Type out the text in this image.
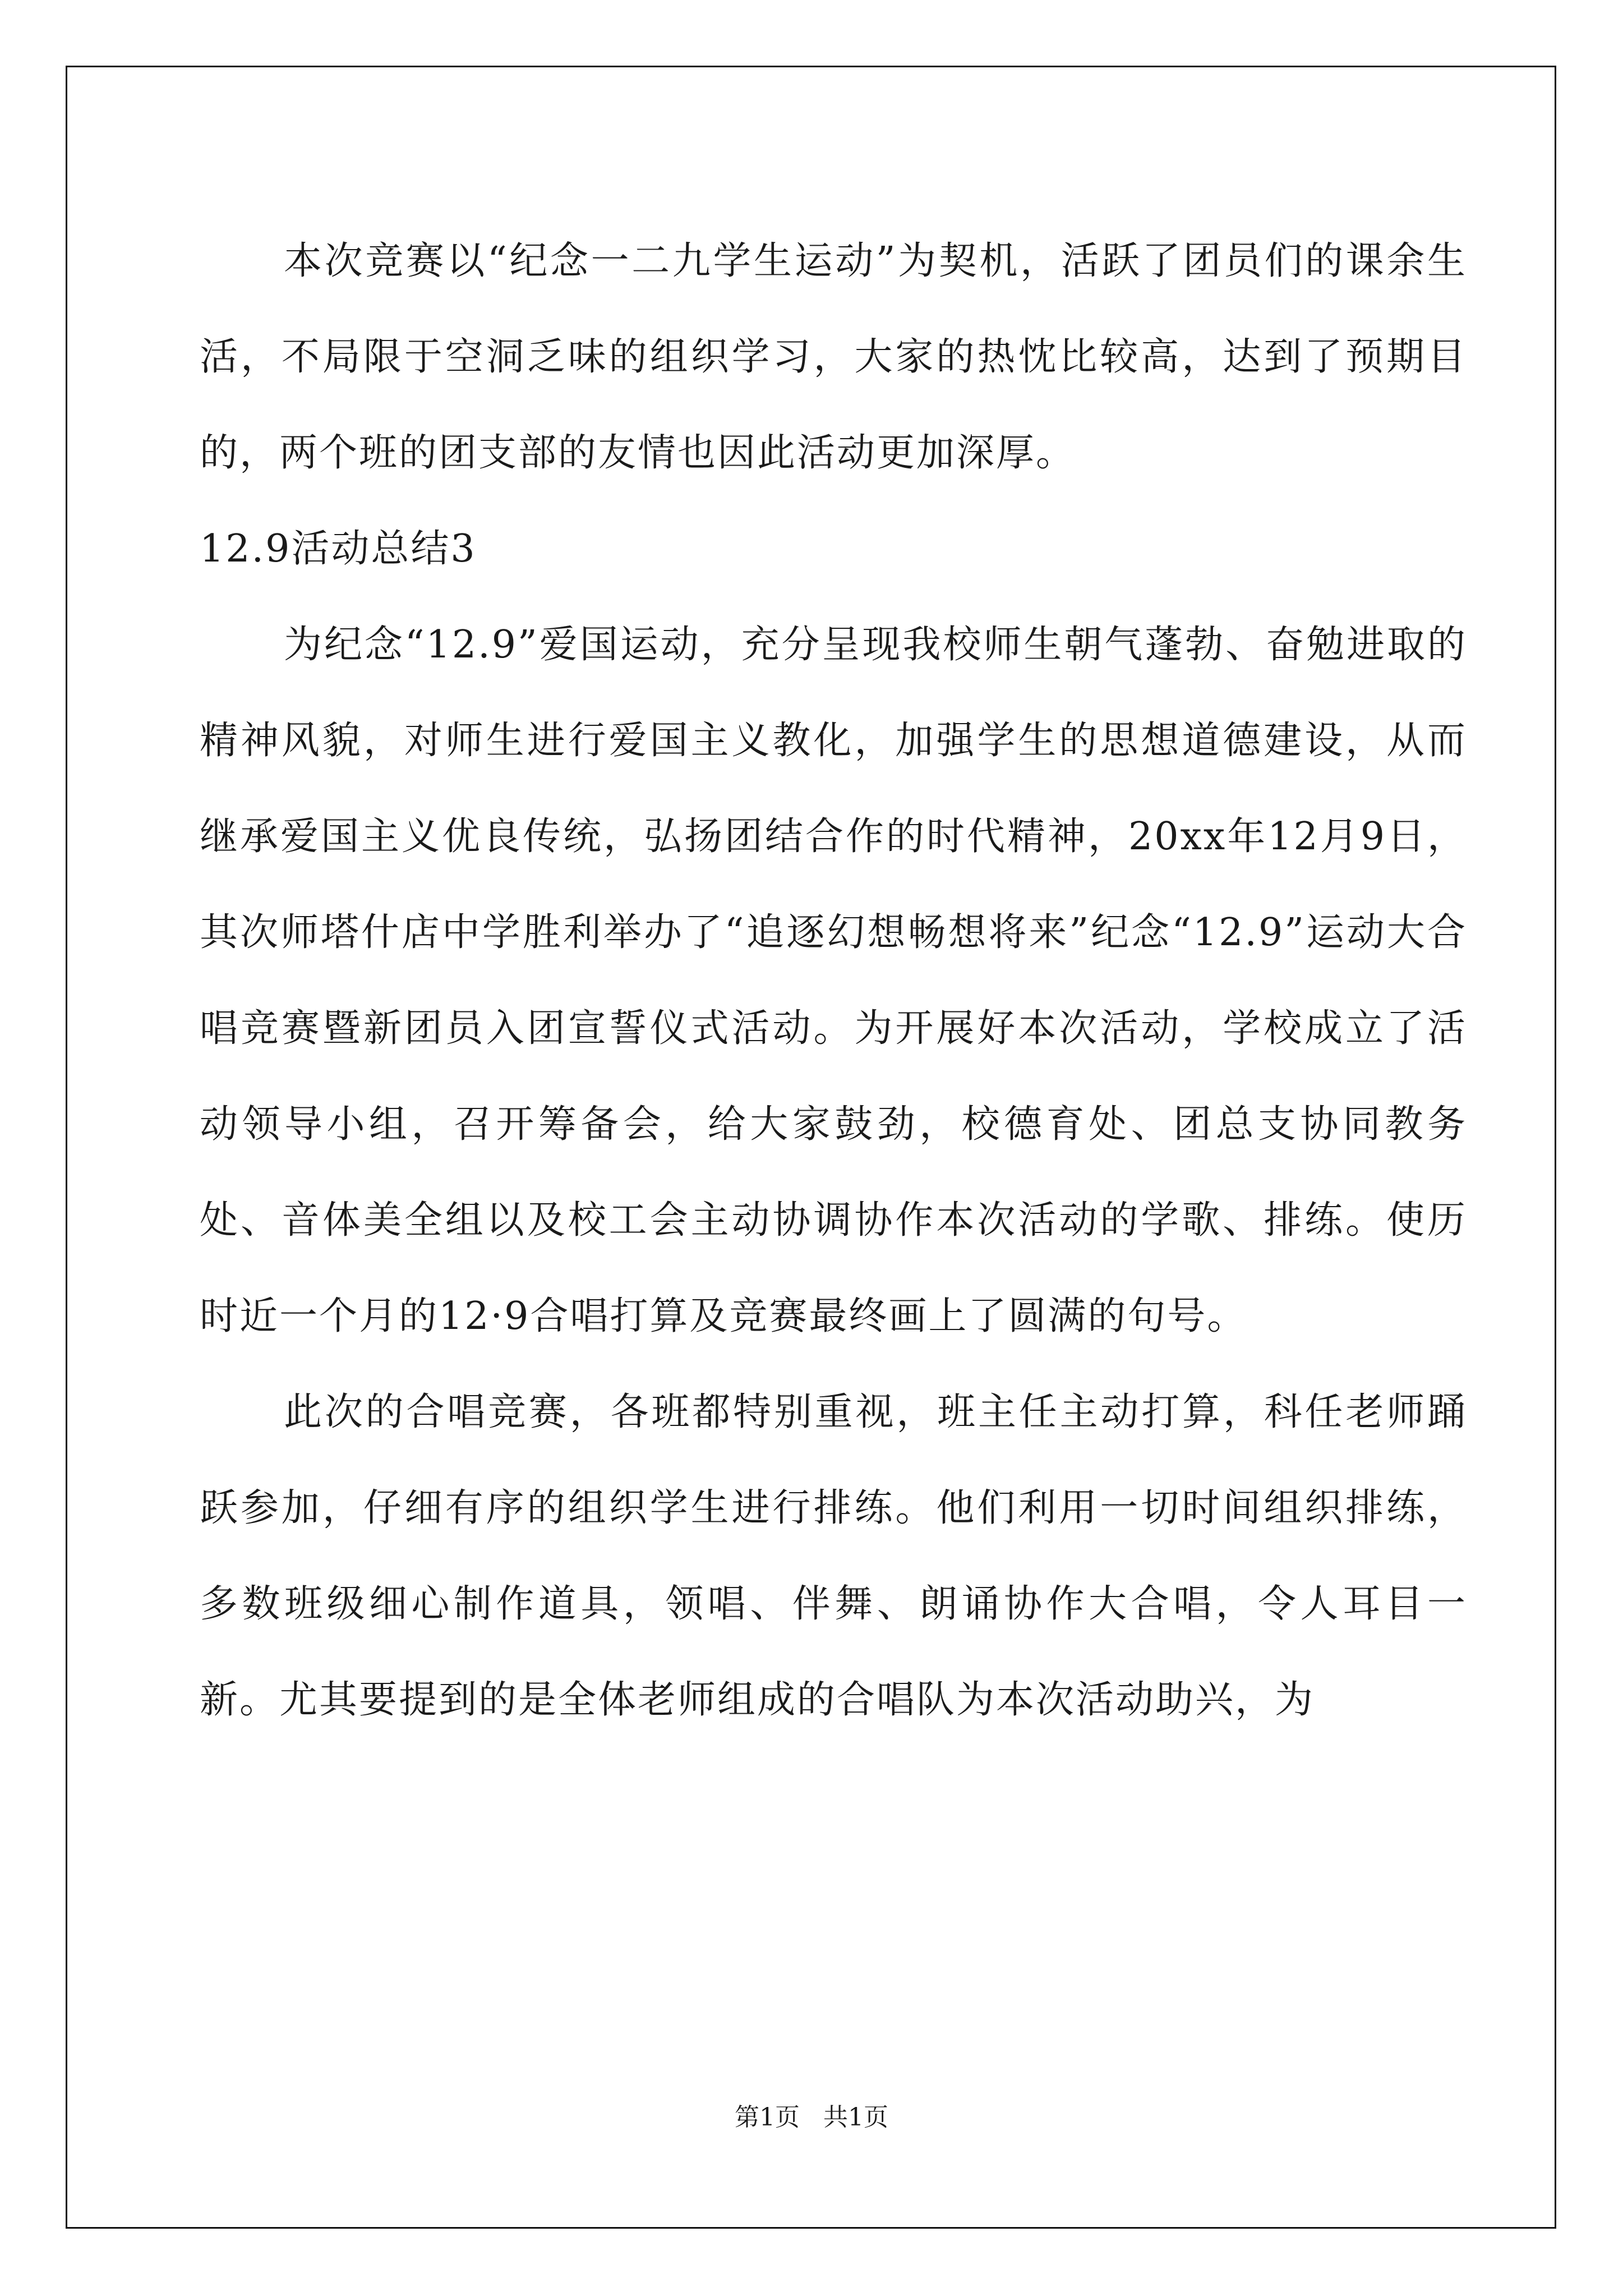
本次竞赛以“纪念一二九学生运动”为契机，活跃了团员们的课余生活，不局限于空洞乏味的组织学习，大家的热忱比较高，达到了预期目的，两个班的团支部的友情也因此活动更加深厚。

12.9活动总结3

为纪念“12.9”爱国运动，充分呈现我校师生朝气蓬勃、奋勉进取的精神风貌，对师生进行爱国主义教化，加强学生的思想道德建设，从而继承爱国主义优良传统，弘扬团结合作的时代精神，20xx年12月9日，其次师塔什店中学胜利举办了“追逐幻想畅想将来”纪念“12.9”运动大合唱竞赛暨新团员入团宣誓仪式活动。为开展好本次活动，学校成立了活动领导小组，召开筹备会，给大家鼓劲，校德育处、团总支协同教务处、音体美全组以及校工会主动协调协作本次活动的学歌、排练。使历时近一个月的12·9合唱打算及竞赛最终画上了圆满的句号。

此次的合唱竞赛，各班都特别重视，班主任主动打算，科任老师踊跃参加，仔细有序的组织学生进行排练。他们利用一切时间组织排练，多数班级细心制作道具，领唱、伴舞、朗诵协作大合唱，令人耳目一新。尤其要提到的是全体老师组成的合唱队为本次活动助兴，为

第1页   共1页
